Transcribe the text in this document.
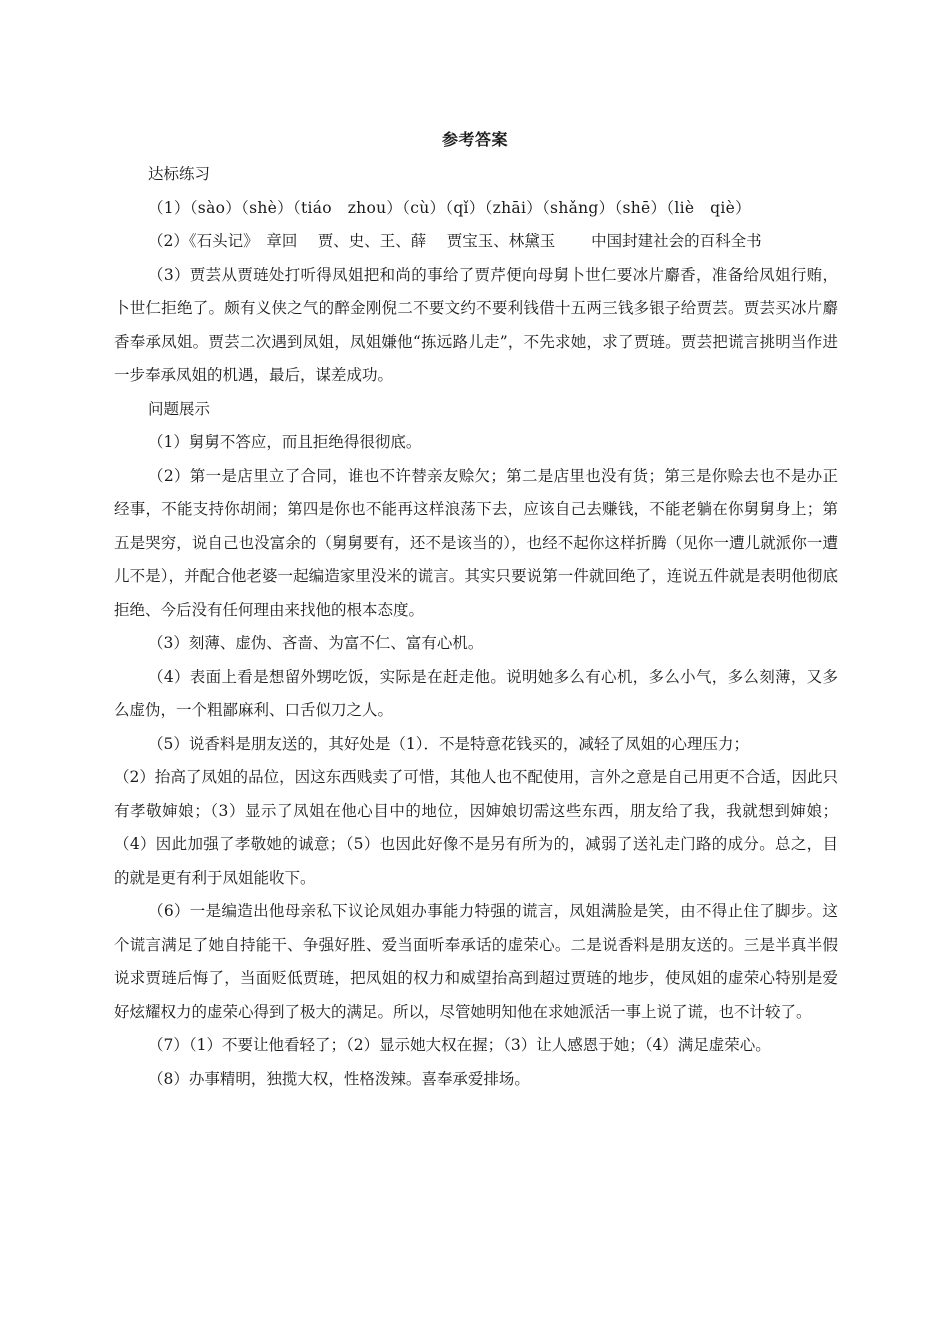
参考答案

达标练习

（1）（sào）（shè）（tiáo　zhou）（cù）（qǐ）（zhāi）（shǎng）（shē）（liè　qiè）

（2）《石头记》　章回　 贾、史、王、薛　 贾宝玉、林黛玉　　 中国封建社会的百科全书

（3）贾芸从贾琏处打听得凤姐把和尚的事给了贾芹便向母舅卜世仁要冰片麝香，准备给凤姐行贿，卜世仁拒绝了。颇有义侠之气的醉金刚倪二不要文约不要利钱借十五两三钱多银子给贾芸。贾芸买冰片麝香奉承凤姐。贾芸二次遇到凤姐，凤姐嫌他“拣远路儿走”，不先求她，求了贾琏。贾芸把谎言挑明当作进一步奉承凤姐的机遇，最后，谋差成功。

问题展示

（1）舅舅不答应，而且拒绝得很彻底。

（2）第一是店里立了合同，谁也不许替亲友赊欠；第二是店里也没有货；第三是你赊去也不是办正经事，不能支持你胡闹；第四是你也不能再这样浪荡下去，应该自己去赚钱，不能老躺在你舅舅身上；第五是哭穷，说自己也没富余的（舅舅要有，还不是该当的），也经不起你这样折腾（见你一遭儿就派你一遭儿不是），并配合他老婆一起编造家里没米的谎言。其实只要说第一件就回绝了，连说五件就是表明他彻底拒绝、今后没有任何理由来找他的根本态度。

（3）刻薄、虚伪、吝啬、为富不仁、富有心机。

（4）表面上看是想留外甥吃饭，实际是在赶走他。说明她多么有心机，多么小气，多么刻薄，又多么虚伪，一个粗鄙麻利、口舌似刀之人。

（5）说香料是朋友送的，其好处是（1）．不是特意花钱买的，减轻了凤姐的心理压力；

（2）抬高了凤姐的品位，因这东西贱卖了可惜，其他人也不配使用，言外之意是自己用更不合适，因此只有孝敬婶娘；（3）显示了凤姐在他心目中的地位，因婶娘切需这些东西，朋友给了我，我就想到婶娘；（4）因此加强了孝敬她的诚意；（5）也因此好像不是另有所为的，减弱了送礼走门路的成分。总之，目的就是更有利于凤姐能收下。

（6）一是编造出他母亲私下议论凤姐办事能力特强的谎言，凤姐满脸是笑，由不得止住了脚步。这个谎言满足了她自持能干、争强好胜、爱当面听奉承话的虚荣心。二是说香料是朋友送的。三是半真半假说求贾琏后悔了，当面贬低贾琏，把凤姐的权力和威望抬高到超过贾琏的地步，使凤姐的虚荣心特别是爱好炫耀权力的虚荣心得到了极大的满足。所以，尽管她明知他在求她派活一事上说了谎，也不计较了。

（7）（1）不要让他看轻了；（2）显示她大权在握；（3）让人感恩于她；（4）满足虚荣心。

（8）办事精明，独揽大权，性格泼辣。喜奉承爱排场。
